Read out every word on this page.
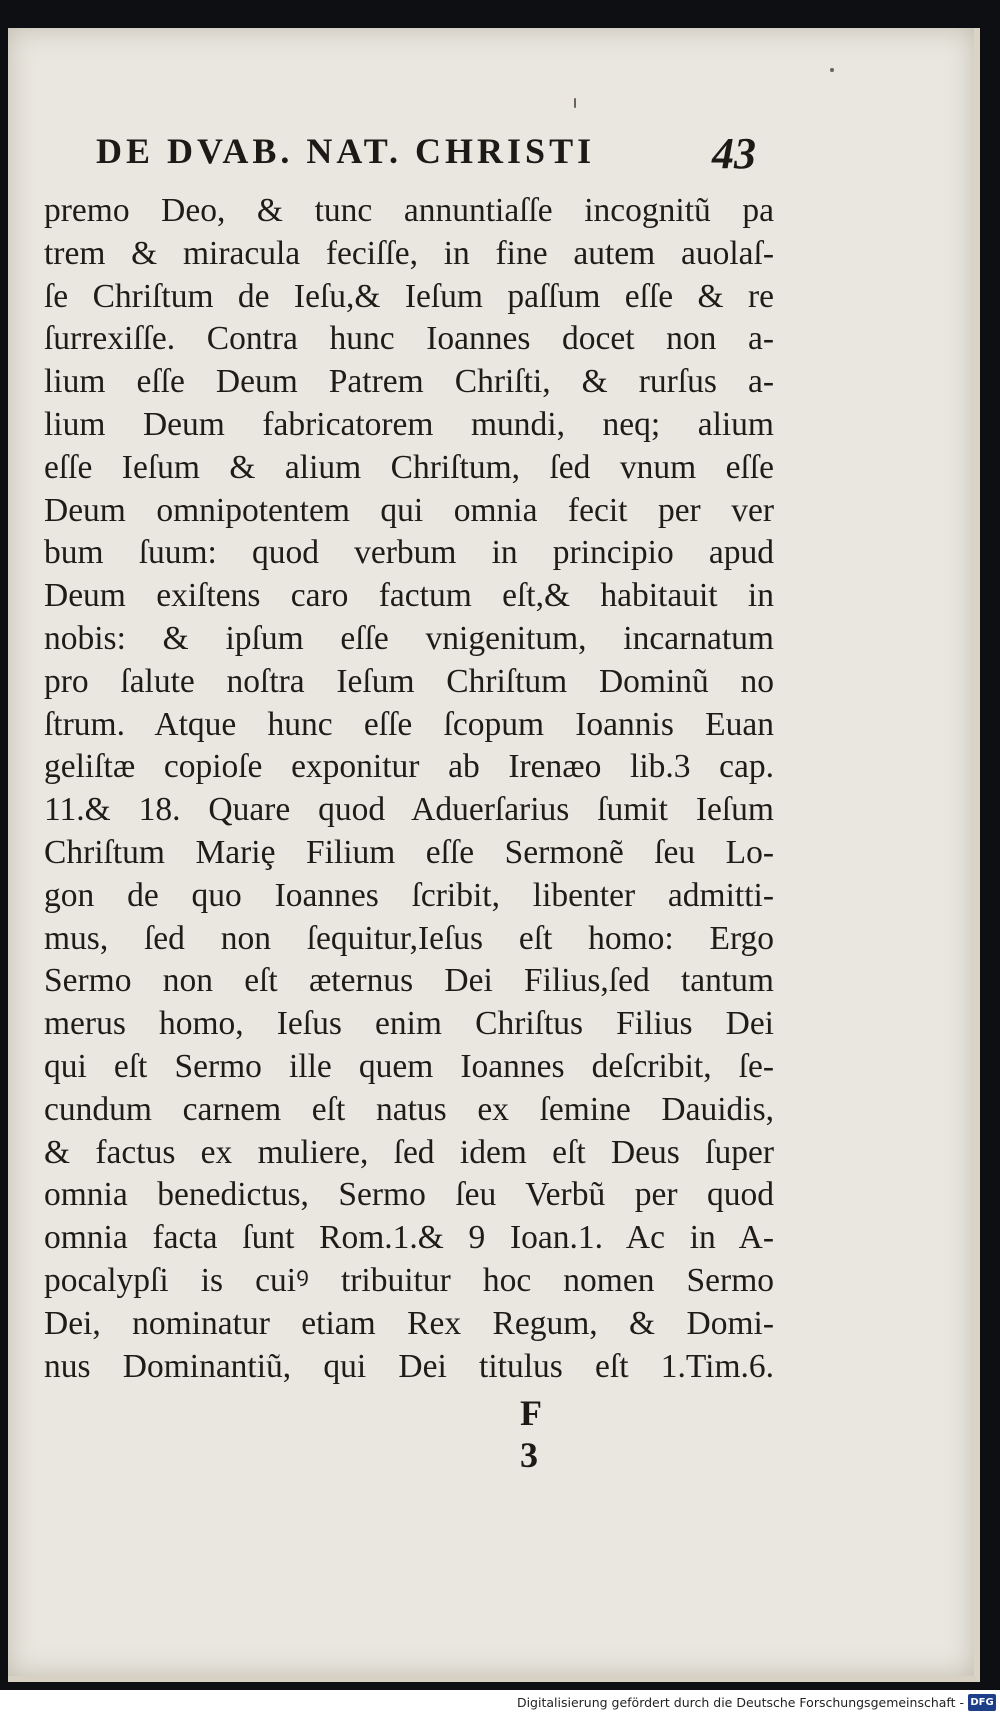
DE DVAB. NAT. CHRISTI	43
premo Deo, & tunc annuntiaſſe incognitũ pa
trem & miracula feciſſe, in fine autem auolaſ-
ſe Chriſtum de Ieſu,& Ieſum paſſum eſſe & re
ſurrexiſſe. Contra hunc Ioannes docet non a-
lium eſſe Deum Patrem Chriſti, & rurſus a-
lium Deum fabricatorem mundi, neq; alium
eſſe Ieſum & alium Chriſtum, ſed vnum eſſe
Deum omnipotentem qui omnia fecit per ver
bum ſuum: quod verbum in principio apud
Deum exiſtens caro factum eſt,& habitauit in
nobis: & ipſum eſſe vnigenitum, incarnatum
pro ſalute noſtra Ieſum Chriſtum Dominũ no
ſtrum. Atque hunc eſſe ſcopum Ioannis Euan
geliſtæ copioſe exponitur ab Irenæo lib.3 cap.
11.& 18. Quare quod Aduerſarius ſumit Ieſum
Chriſtum Mariȩ Filium eſſe Sermonẽ ſeu Lo-
gon de quo Ioannes ſcribit, libenter admitti-
mus, ſed non ſequitur,Ieſus eſt homo: Ergo
Sermo non eſt æternus Dei Filius,ſed tantum
merus homo, Ieſus enim Chriſtus Filius Dei
qui eſt Sermo ille quem Ioannes deſcribit, ſe-
cundum carnem eſt natus ex ſemine Dauidis,
& factus ex muliere, ſed idem eſt Deus ſuper
omnia benedictus, Sermo ſeu Verbũ per quod
omnia facta ſunt Rom.1.& 9 Ioan.1. Ac in A-
pocalypſi is cuiꝰ tribuitur hoc nomen Sermo
Dei, nominatur etiam Rex Regum, & Domi-
nus Dominantiũ, qui Dei titulus eſt 1.Tim.6.
F 3
Digitalisierung gefördert durch die Deutsche Forschungsgemeinschaft - DFG
